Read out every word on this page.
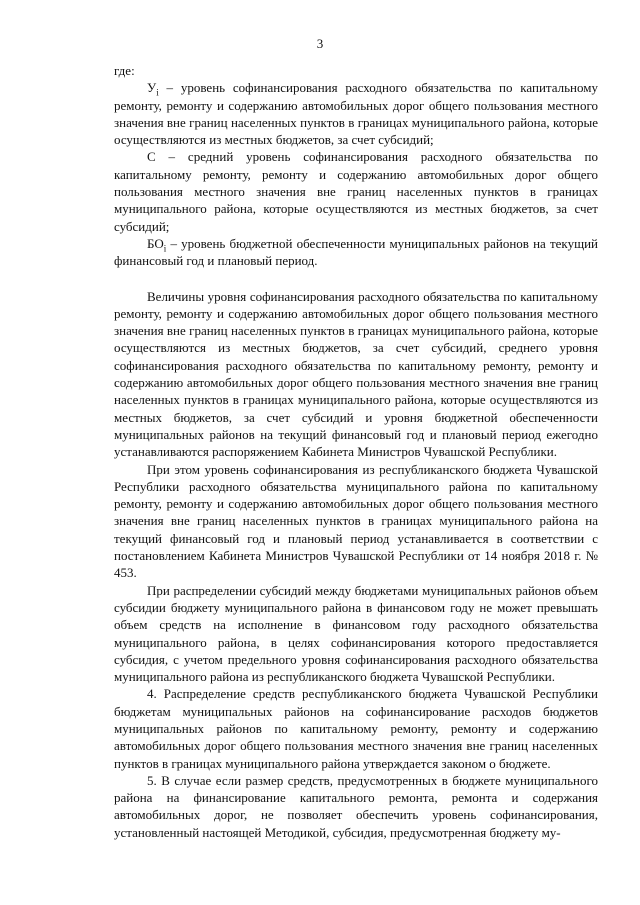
3

где:

$У_i$ – уровень софинансирования расходного обязательства по капитальному ремонту, ремонту и содержанию автомобильных дорог общего пользования местного значения вне границ населенных пунктов в границах муниципального района, которые осуществляются из местных бюджетов, за счет субсидий;

С – средний уровень софинансирования расходного обязательства по капитальному ремонту, ремонту и содержанию автомобильных дорог общего пользования местного значения вне границ населенных пунктов в границах муниципального района, которые осуществляются из местных бюджетов, за счет субсидий;

$БО_i$ – уровень бюджетной обеспеченности муниципальных районов на текущий финансовый год и плановый период.

Величины уровня софинансирования расходного обязательства по капитальному ремонту, ремонту и содержанию автомобильных дорог общего пользования местного значения вне границ населенных пунктов в границах муниципального района, которые осуществляются из местных бюджетов, за счет субсидий, среднего уровня софинансирования расходного обязательства по капитальному ремонту, ремонту и содержанию автомобильных дорог общего пользования местного значения вне границ населенных пунктов в границах муниципального района, которые осуществляются из местных бюджетов, за счет субсидий и уровня бюджетной обеспеченности муниципальных районов на текущий финансовый год и плановый период ежегодно устанавливаются распоряжением Кабинета Министров Чувашской Республики.

При этом уровень софинансирования из республиканского бюджета Чувашской Республики расходного обязательства муниципального района по капитальному ремонту, ремонту и содержанию автомобильных дорог общего пользования местного значения вне границ населенных пунктов в границах муниципального района на текущий финансовый год и плановый период устанавливается в соответствии с постановлением Кабинета Министров Чувашской Республики от 14 ноября 2018 г. № 453.

При распределении субсидий между бюджетами муниципальных районов объем субсидии бюджету муниципального района в финансовом году не может превышать объем средств на исполнение в финансовом году расходного обязательства муниципального района, в целях софинансирования которого предоставляется субсидия, с учетом предельного уровня софинансирования расходного обязательства муниципального района из республиканского бюджета Чувашской Республики.

4. Распределение средств республиканского бюджета Чувашской Республики бюджетам муниципальных районов на софинансирование расходов бюджетов муниципальных районов по капитальному ремонту, ремонту и содержанию автомобильных дорог общего пользования местного значения вне границ населенных пунктов в границах муниципального района утверждается законом о бюджете.

5. В случае если размер средств, предусмотренных в бюджете муниципального района на финансирование капитального ремонта, ремонта и содержания автомобильных дорог, не позволяет обеспечить уровень софинансирования, установленный настоящей Методикой, субсидия, предусмотренная бюджету му-
